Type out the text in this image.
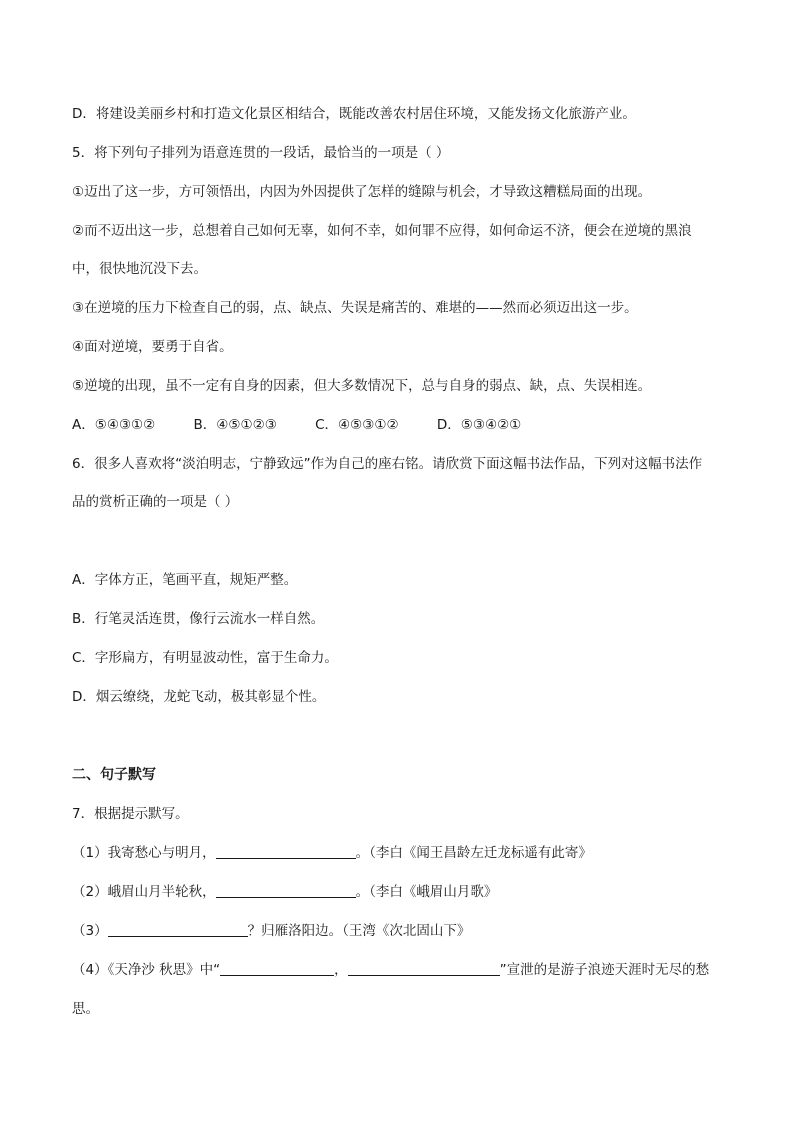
D．将建设美丽乡村和打造文化景区相结合，既能改善农村居住环境，又能发扬文化旅游产业。
5．将下列句子排列为语意连贯的一段话，最恰当的一项是（ ）
①迈出了这一步，方可领悟出，内因为外因提供了怎样的缝隙与机会，才导致这糟糕局面的出现。
②而不迈出这一步，总想着自己如何无辜，如何不幸，如何罪不应得，如何命运不济，便会在逆境的黑浪
中，很快地沉没下去。
③在逆境的压力下检查自己的弱，点、缺点、失误是痛苦的、难堪的——然而必须迈出这一步。
④面对逆境，要勇于自省。
⑤逆境的出现，虽不一定有自身的因素，但大多数情况下，总与自身的弱点、缺，点、失误相连。
A．⑤④③①②	B．④⑤①②③	C．④⑤③①②	D．⑤③④②①
6．很多人喜欢将“淡泊明志，宁静致远”作为自己的座右铭。请欣赏下面这幅书法作品，下列对这幅书法作
品的赏析正确的一项是（ ）
A．字体方正，笔画平直，规矩严整。
B．行笔灵活连贯，像行云流水一样自然。
C．字形扁方，有明显波动性，富于生命力。
D．烟云缭绕，龙蛇飞动，极其彰显个性。
二、句子默写
7．根据提示默写。
（1）我寄愁心与明月，	。（李白《闻王昌龄左迁龙标遥有此寄》
（2）峨眉山月半轮秋，	。（李白《峨眉山月歌》
（3）	？归雁洛阳边。（王湾《次北固山下》
（4）《天净沙 秋思》中“	，	”宣泄的是游子浪迹天涯时无尽的愁
思。
